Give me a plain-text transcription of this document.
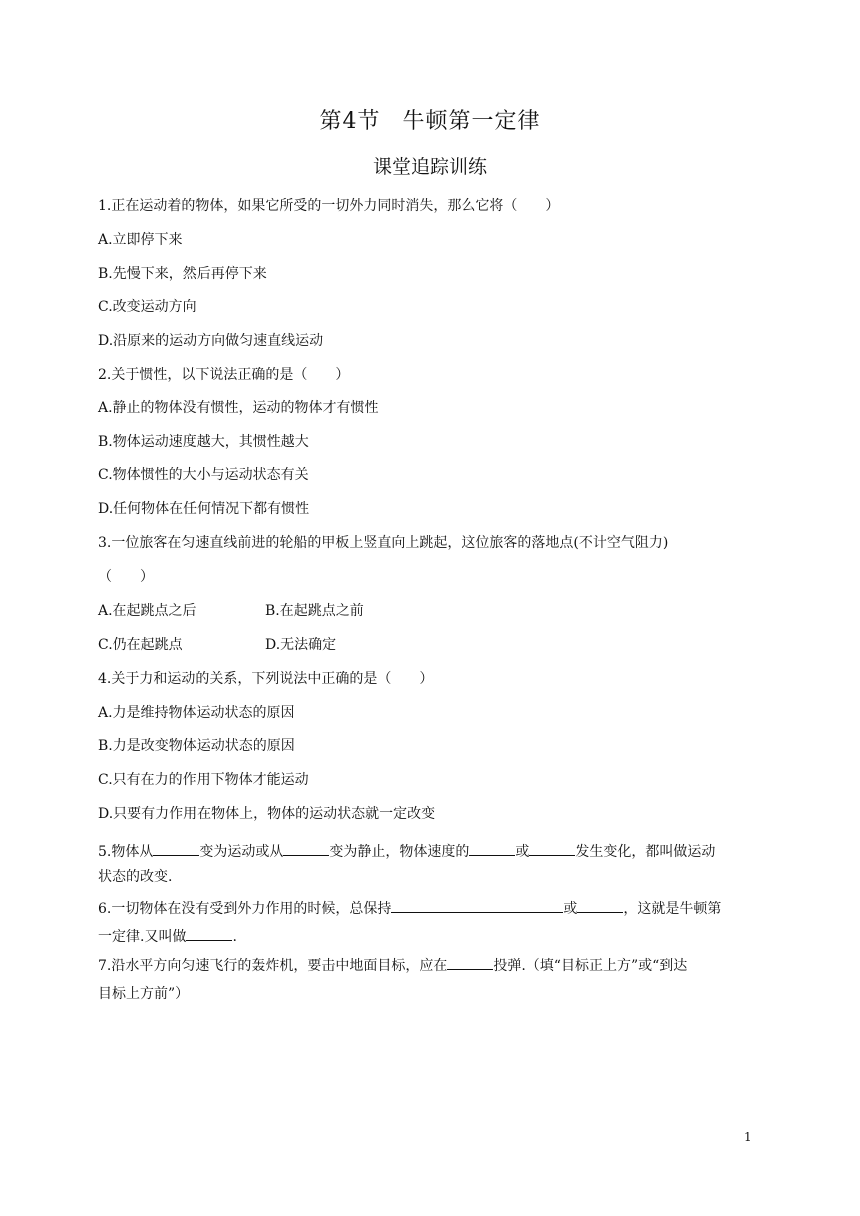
第4节 牛顿第一定律
课堂追踪训练
1.正在运动着的物体，如果它所受的一切外力同时消失，那么它将（　　）
A.立即停下来
B.先慢下来，然后再停下来
C.改变运动方向
D.沿原来的运动方向做匀速直线运动
2.关于惯性，以下说法正确的是（　　）
A.静止的物体没有惯性，运动的物体才有惯性
B.物体运动速度越大，其惯性越大
C.物体惯性的大小与运动状态有关
D.任何物体在任何情况下都有惯性
3.一位旅客在匀速直线前进的轮船的甲板上竖直向上跳起，这位旅客的落地点(不计空气阻力)
（　　）
A.在起跳点之后	B.在起跳点之前
C.仍在起跳点	D.无法确定
4.关于力和运动的关系，下列说法中正确的是（　　）
A.力是维持物体运动状态的原因
B.力是改变物体运动状态的原因
C.只有在力的作用下物体才能运动
D.只要有力作用在物体上，物体的运动状态就一定改变
5.物体从	变为运动或从	变为静止，物体速度的	或	发生变化，都叫做运动
状态的改变.
6.一切物体在没有受到外力作用的时候，总保持	或	，这就是牛顿第
一定律.又叫做	.
7.沿水平方向匀速飞行的轰炸机，要击中地面目标，应在	投弹.（填“目标正上方”或“到达
目标上方前”）
1
